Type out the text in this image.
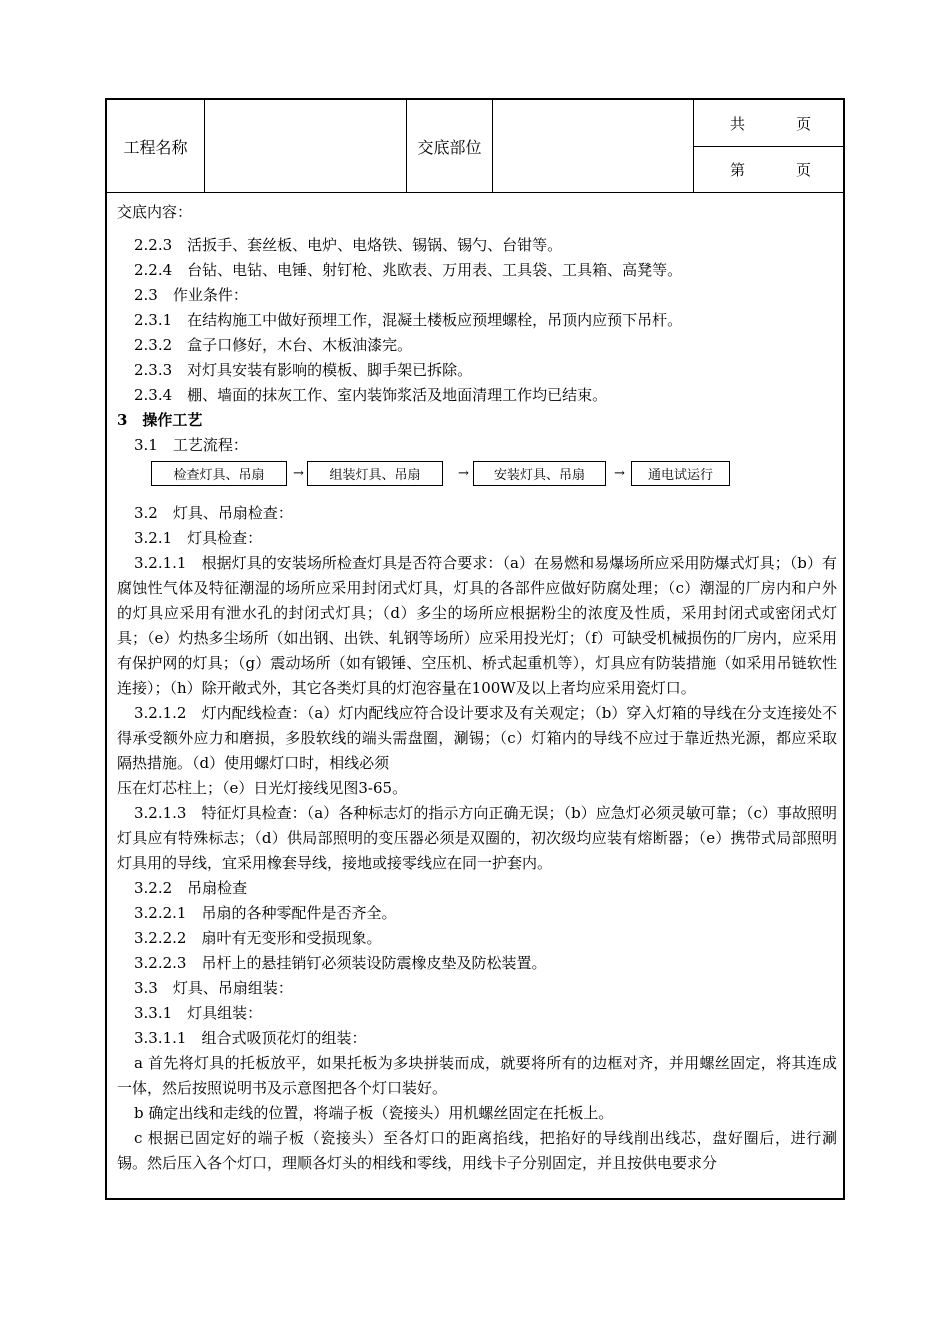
工程名称	交底部位
共	页
第	页
交底内容：
2.2.3　活扳手、套丝板、电炉、电烙铁、锡锅、锡勺、台钳等。
2.2.4　台钻、电钻、电锤、射钉枪、兆欧表、万用表、工具袋、工具箱、高凳等。
2.3　作业条件：
2.3.1　在结构施工中做好预埋工作，混凝土楼板应预埋螺栓，吊顶内应预下吊杆。
2.3.2　盒子口修好，木台、木板油漆完。
2.3.3　对灯具安装有影响的模板、脚手架已拆除。
2.3.4　棚、墙面的抹灰工作、室内装饰浆活及地面清理工作均已结束。
3　操作工艺
3.1　工艺流程：
检查灯具、吊扇	→	组装灯具、吊扇	→	安装灯具、吊扇	→	通电试运行
3.2　灯具、吊扇检查：
3.2.1　灯具检查：

3.2.1.1　根据灯具的安装场所检查灯具是否符合要求：（a）在易燃和易爆场所应采用防爆式灯具；（b）有腐蚀性气体及特征潮湿的场所应采用封闭式灯具，灯具的各部件应做好防腐处理；（c）潮湿的厂房内和户外的灯具应采用有泄水孔的封闭式灯具；（d）多尘的场所应根据粉尘的浓度及性质，采用封闭式或密闭式灯具；（e）灼热多尘场所（如出钢、出铁、轧钢等场所）应采用投光灯；（f）可缺受机械损伤的厂房内，应采用有保护网的灯具；（g）震动场所（如有锻锤、空压机、桥式起重机等），灯具应有防装措施（如采用吊链软性连接）；（h）除开敞式外，其它各类灯具的灯泡容量在100W及以上者均应采用瓷灯口。

3.2.1.2　灯内配线检查：（a）灯内配线应符合设计要求及有关观定；（b）穿入灯箱的导线在分支连接处不得承受额外应力和磨损，多股软线的端头需盘圈，涮锡；（c）灯箱内的导线不应过于靠近热光源，都应采取隔热措施。（d）使用螺灯口时，相线必须

压在灯芯柱上；（e）日光灯接线见图3-65。

3.2.1.3　特征灯具检查：（a）各种标志灯的指示方向正确无误；（b）应急灯必须灵敏可靠；（c）事故照明灯具应有特殊标志；（d）供局部照明的变压器必须是双圈的，初次级均应装有熔断器；（e）携带式局部照明灯具用的导线，宜采用橡套导线，接地或接零线应在同一护套内。

3.2.2　吊扇检查
3.2.2.1　吊扇的各种零配件是否齐全。
3.2.2.2　扇叶有无变形和受损现象。
3.2.2.3　吊杆上的悬挂销钉必须装设防震橡皮垫及防松装置。
3.3　灯具、吊扇组装：
3.3.1　灯具组装：
3.3.1.1　组合式吸顶花灯的组装：

a 首先将灯具的托板放平，如果托板为多块拼装而成，就要将所有的边框对齐，并用螺丝固定，将其连成一体，然后按照说明书及示意图把各个灯口装好。

b 确定出线和走线的位置，将端子板（瓷接头）用机螺丝固定在托板上。

c 根据已固定好的端子板（瓷接头）至各灯口的距离掐线，把掐好的导线削出线芯，盘好圈后，进行涮锡。然后压入各个灯口，理顺各灯头的相线和零线，用线卡子分别固定，并且按供电要求分
